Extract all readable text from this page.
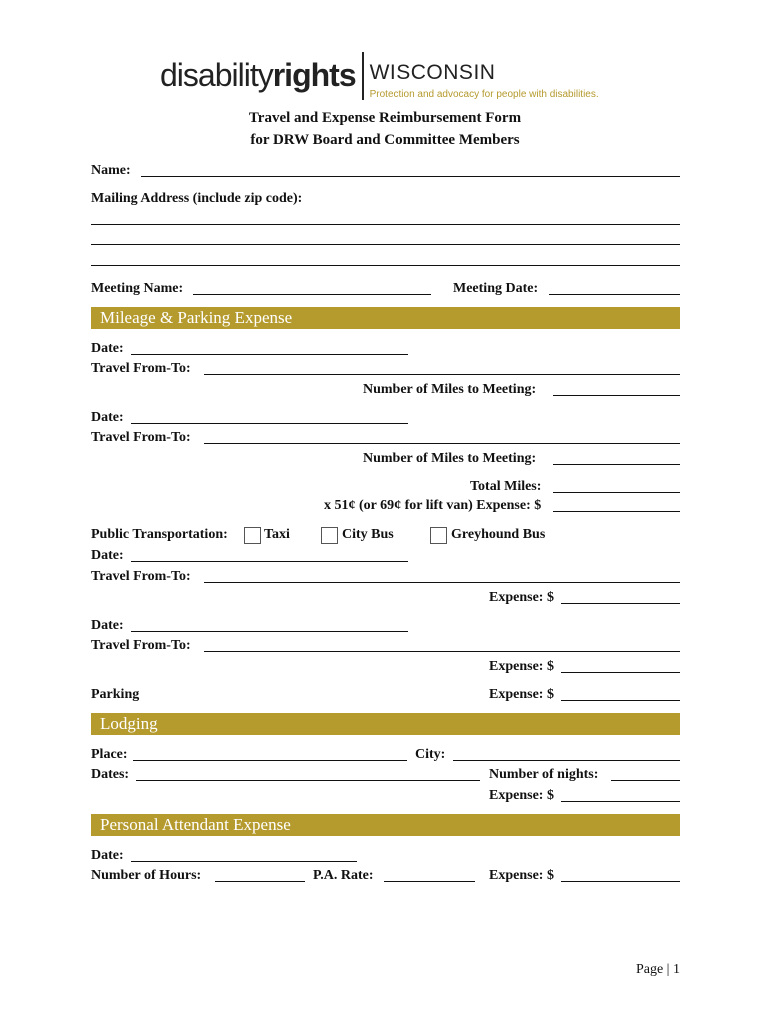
disabilityrights WISCONSIN
Protection and advocacy for people with disabilities.
Travel and Expense Reimbursement Form
for DRW Board and Committee Members
Name:
Mailing Address (include zip code):
Meeting Name:	Meeting Date:
Mileage & Parking Expense
Date:
Travel From-To:
Number of Miles to Meeting:
Date:
Travel From-To:
Number of Miles to Meeting:
Total Miles:
x 51¢ (or 69¢ for lift van) Expense: $
Public Transportation:	Taxi	City Bus	Greyhound Bus
Date:
Travel From-To:
Expense: $
Date:
Travel From-To:
Expense: $
Parking	Expense: $
Lodging
Place:	City:
Dates:	Number of nights:
Expense: $
Personal Attendant Expense
Date:
Number of Hours:	P.A. Rate:	Expense: $
Page | 1
